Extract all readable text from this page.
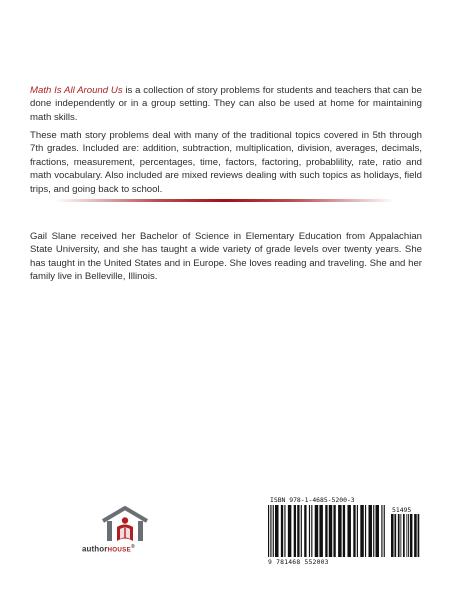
Math Is All Around Us is a collection of story problems for students and teachers that can be done independently or in a group setting. They can also be used at home for maintaining math skills.

These math story problems deal with many of the traditional topics covered in 5th through 7th grades. Included are: addition, subtraction, multiplication, division, averages, decimals, fractions, measurement, percentages, time, factors, factoring, probablility, rate, ratio and math vocabulary. Also included are mixed reviews dealing with such topics as holidays, field trips, and going back to school.

Gail Slane received her Bachelor of Science in Elementary Education from Appalachian State University, and she has taught a wide variety of grade levels over twenty years. She has taught in the United States and in Europe. She loves reading and traveling. She and her family live in Belleville, Illinois.

authorHOUSE®
ISBN 978-1-4685-5200-3
51495
9 781468 552003
